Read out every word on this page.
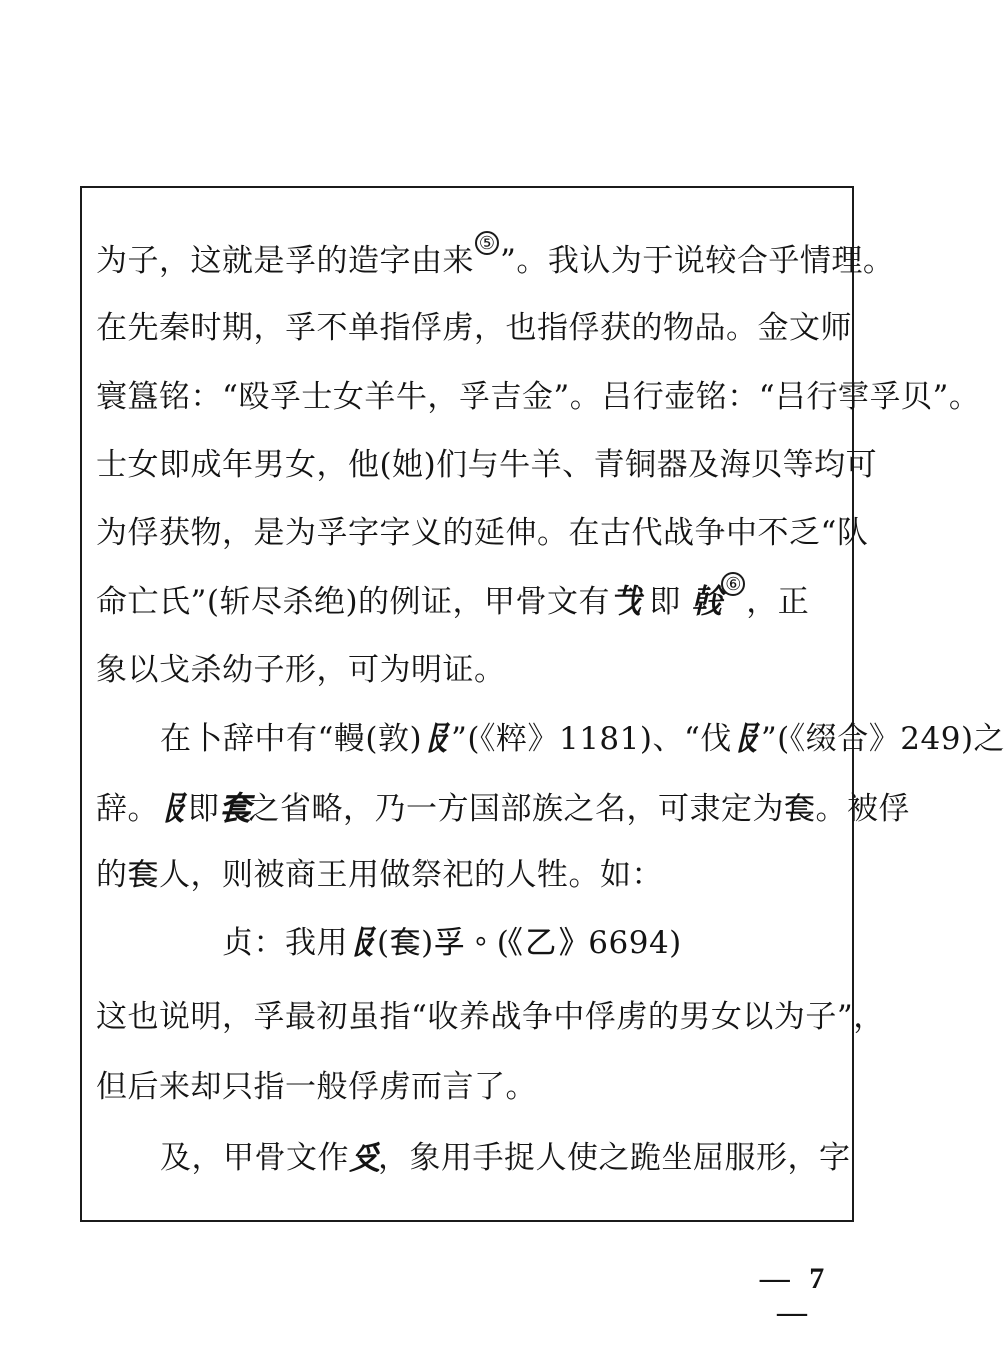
为子，这就是孚的造字由来 ⑤ ”。我认为于说较合乎情理。
在先秦时期，孚不单指俘虏，也指俘获的物品。金文师
寰簋铭：“殴孚士女羊牛，孚吉金”。吕行壶铭：“吕行𩁹孚贝”。
士女即成年男女，他(她)们与牛羊、青铜器及海贝等均可
为俘获物，是为孚字字义的延伸。在古代战争中不乏“队
命亡氏”(斩尽杀绝)的例证，甲骨文有𢦏 即 𢧢 ⑥ ，正
象以戈杀幼子形，可为明证。
在卜辞中有“䡬(敦)𠬝”(《粹》1181)、“伐𠬝”(《缀合》249)之
辞。𠬝即𡘷之省略，乃一方国部族之名，可隶定为𡘷。被俘
的𡘷人，则被商王用做祭祀的人牲。如：
贞：我用𠬝(𡘷)孚。(《乙》6694)
这也说明，孚最初虽指“收养战争中俘虏的男女以为子”，
但后来却只指一般俘虏而言了。
及，甲骨文作𠬪，象用手捉人使之跪坐屈服形，字
— 7 —
